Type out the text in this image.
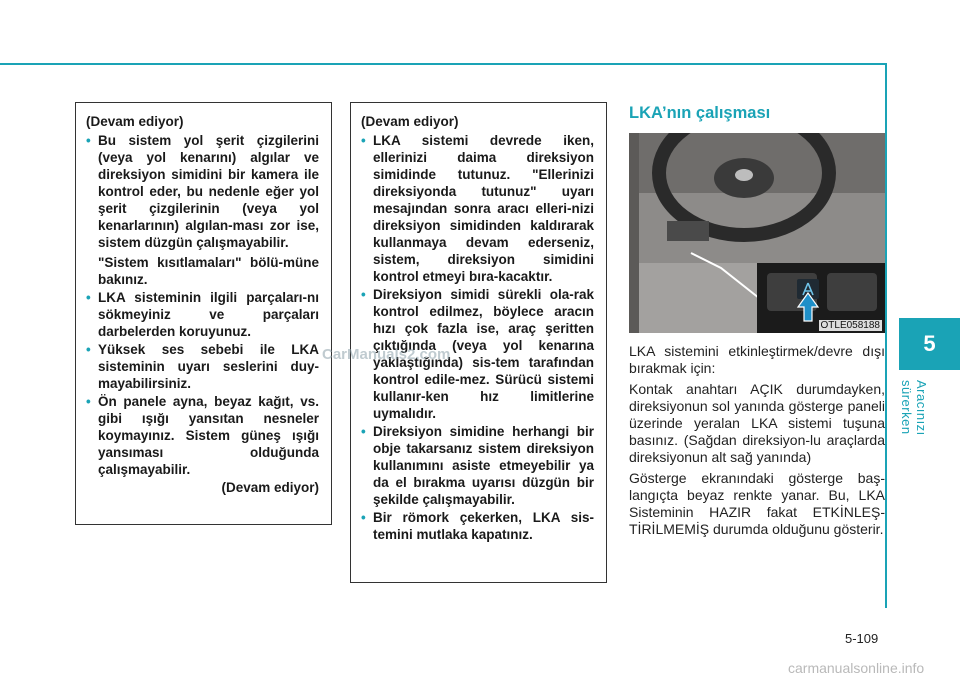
5
Aracınızı sürerken
(Devam ediyor)
• Bu sistem yol şerit çizgilerini (veya yol kenarını) algılar ve direksiyon simidini bir kamera ile kontrol eder, bu nedenle eğer yol şerit çizgilerinin (veya yol kenarlarının) algılan-ması zor ise, sistem düzgün çalışmayabilir.
"Sistem kısıtlamaları" bölü-müne bakınız.
• LKA sisteminin ilgili parçaları-nı sökmeyiniz ve parçaları darbelerden koruyunuz.
• Yüksek ses sebebi ile LKA sisteminin uyarı seslerini duy-mayabilirsiniz.
• Ön panele ayna, beyaz kağıt, vs. gibi ışığı yansıtan nesneler koymayınız. Sistem güneş ışığı yansıması olduğunda çalışmayabilir.
(Devam ediyor)
(Devam ediyor)
• LKA sistemi devrede iken, ellerinizi daima direksiyon simidinde tutunuz. "Ellerinizi direksiyonda tutunuz" uyarı mesajından sonra aracı elleri-nizi direksiyon simidinden kaldırarak kullanmaya devam ederseniz, sistem, direksiyon simidini kontrol etmeyi bıra-kacaktır.
• Direksiyon simidi sürekli ola-rak kontrol edilmez, böylece aracın hızı çok fazla ise, araç şeritten çıktığında (veya yol kenarına yaklaştığında) sis-tem tarafından kontrol edile-mez. Sürücü sistemi kullanır-ken hız limitlerine uymalıdır.
• Direksiyon simidine herhangi bir obje takarsanız sistem direksiyon kullanımını asiste etmeyebilir ya da el bırakma uyarısı düzgün bir şekilde çalışmayabilir.
• Bir römork çekerken, LKA sis-temini mutlaka kapatınız.
LKA’nın çalışması
OTLE058188

LKA sistemini etkinleştirmek/devre dışı bırakmak için:

Kontak anahtarı AÇIK durumdayken, direksiyonun sol yanında gösterge paneli üzerinde yeralan LKA sistemi tuşuna basınız. (Sağdan direksiyon-lu araçlarda direksiyonun alt sağ yanında)

Gösterge ekranındaki gösterge baş-langıçta beyaz renkte yanar. Bu, LKA Sisteminin HAZIR fakat ETKİNLEŞ-TİRİLMEMİŞ durumda olduğunu gösterir.

5-109
CarManuals2.com
carmanualsonline.info
